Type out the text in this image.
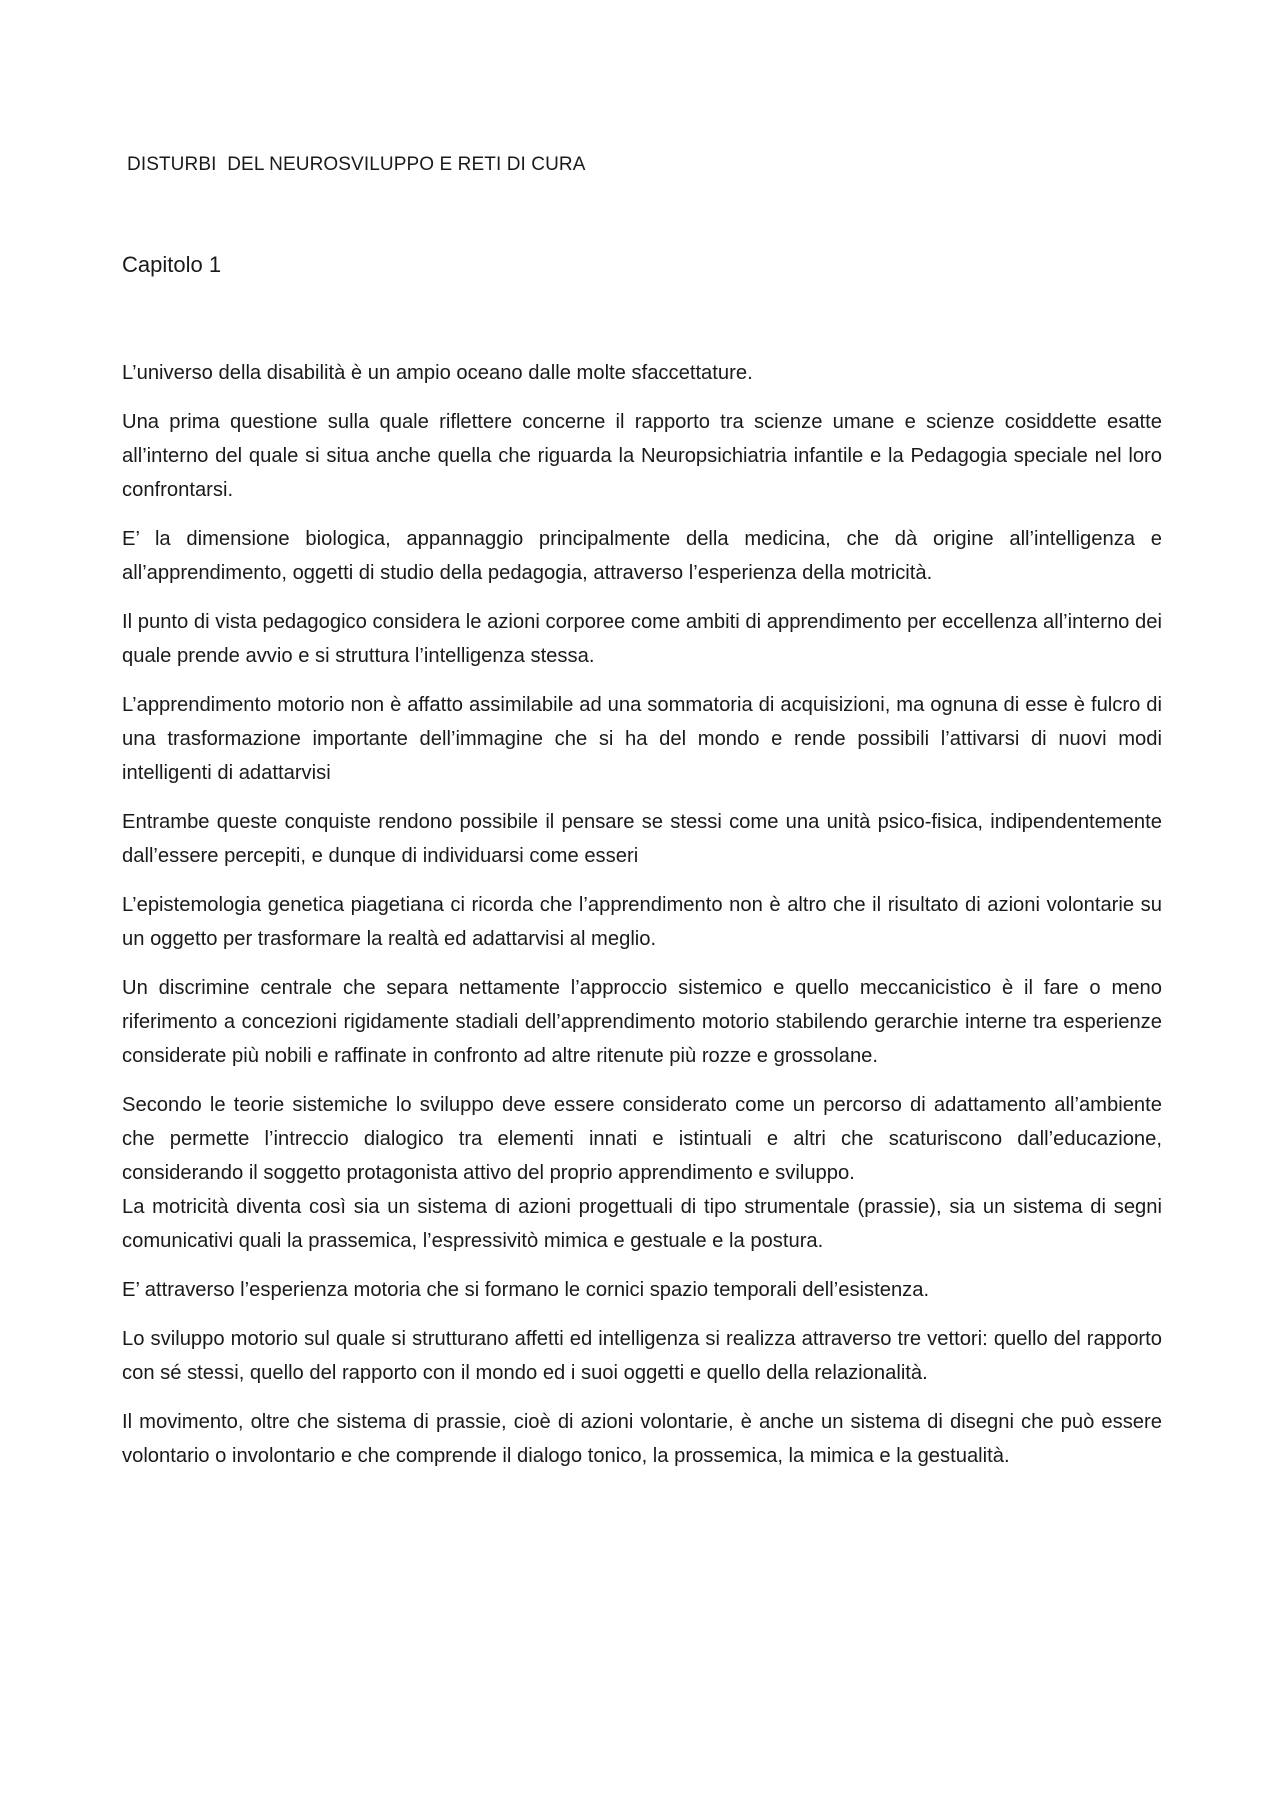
DISTURBI  DEL NEUROSVILUPPO E RETI DI CURA
Capitolo 1

L’universo della disabilità è un ampio oceano dalle molte sfaccettature.

Una prima questione sulla quale riflettere concerne il rapporto tra scienze umane e scienze cosiddette esatte all’interno del quale si situa anche quella che riguarda la Neuropsichiatria infantile e la Pedagogia speciale nel loro confrontarsi.

E’ la dimensione biologica, appannaggio principalmente della medicina, che dà origine all’intelligenza e all’apprendimento, oggetti di studio della pedagogia, attraverso l’esperienza della motricità.

Il punto di vista pedagogico considera le azioni corporee come ambiti di apprendimento per eccellenza all’interno dei quale prende avvio e si struttura l’intelligenza stessa.

L’apprendimento motorio non è affatto assimilabile ad una sommatoria di acquisizioni, ma ognuna di esse è fulcro di una trasformazione importante dell’immagine che si ha del mondo e rende possibili l’attivarsi di nuovi modi intelligenti di adattarvisi

Entrambe queste conquiste rendono possibile il pensare se stessi come una unità psico-fisica, indipendentemente dall’essere percepiti, e dunque di individuarsi come esseri

L’epistemologia genetica piagetiana ci ricorda che l’apprendimento non è altro che il risultato di azioni volontarie su un oggetto per trasformare la realtà ed adattarvisi al meglio.

Un discrimine centrale che separa nettamente l’approccio sistemico e quello meccanicistico è il fare o meno riferimento a concezioni rigidamente stadiali dell’apprendimento motorio stabilendo gerarchie interne tra esperienze considerate più nobili e raffinate in confronto ad altre ritenute più rozze e grossolane.

Secondo le teorie sistemiche lo sviluppo deve essere considerato come un percorso di adattamento all’ambiente che permette l’intreccio dialogico tra elementi innati e istintuali e altri che scaturiscono dall’educazione, considerando il soggetto protagonista attivo del proprio apprendimento e sviluppo.

La motricità diventa così sia un sistema di azioni progettuali di tipo strumentale (prassie), sia un sistema di segni comunicativi quali la prassemica, l’espressivitò mimica e gestuale e la postura.

E’ attraverso l’esperienza motoria che si formano le cornici spazio temporali dell’esistenza.

Lo sviluppo motorio sul quale si strutturano affetti ed intelligenza si realizza attraverso tre vettori: quello del rapporto con sé stessi, quello del rapporto con il mondo ed i suoi oggetti e quello della relazionalità.

Il movimento, oltre che sistema di prassie, cioè di azioni volontarie, è anche un sistema di disegni che può essere volontario o involontario e che comprende il dialogo tonico, la prossemica, la mimica e la gestualità.
